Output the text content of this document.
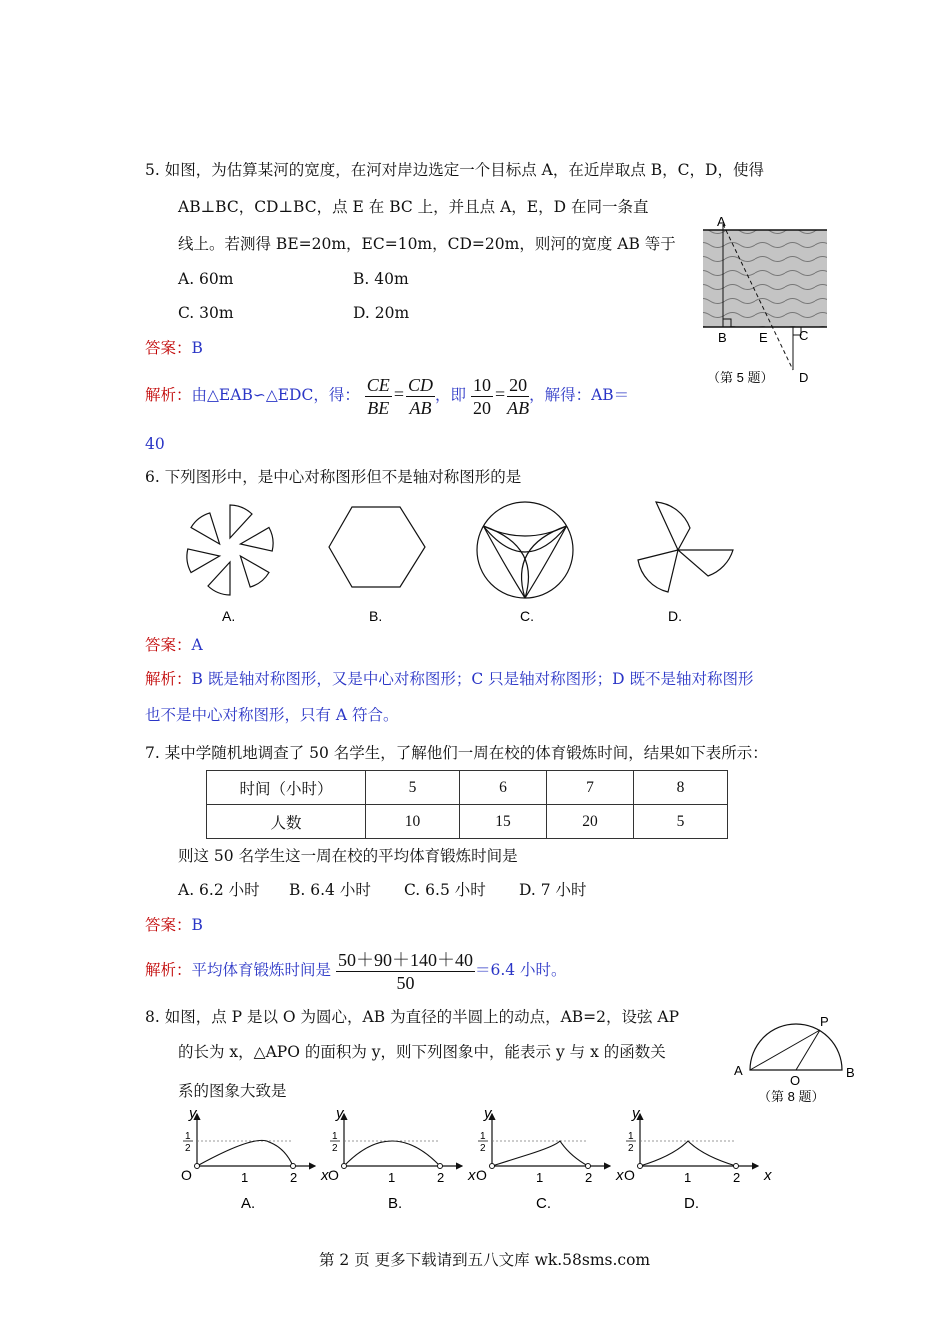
5. 如图，为估算某河的宽度，在河对岸边选定一个目标点 A，在近岸取点 B，C，D，使得
AB⊥BC，CD⊥BC，点 E 在 BC 上，并且点 A，E，D 在同一条直
线上。若测得 BE=20m，EC=10m，CD=20m，则河的宽度 AB 等于
A. 60m	B. 40m
C. 30m	D. 20m
答案：B
解析：由△EAB∽△EDC，得： $\frac{CE}{BE} = \frac{CD}{AB}$ ，即 $\frac{10}{20} = \frac{20}{AB}$ ，解得：AB＝
40
A
B E C
D
（第 5 题）
6. 下列图形中，是中心对称图形但不是轴对称图形的是
A.	B.	C.	D.
答案：A
解析：B 既是轴对称图形，又是中心对称图形；C 只是轴对称图形；D 既不是轴对称图形
也不是中心对称图形，只有 A 符合。
7. 某中学随机地调查了 50 名学生，了解他们一周在校的体育锻炼时间，结果如下表所示：
时间（小时）	5	6	7	8
人数	10	15	20	5
则这 50 名学生这一周在校的平均体育锻炼时间是
A. 6.2 小时 B. 6.4 小时 C. 6.5 小时 D. 7 小时
答案：B
解析：平均体育锻炼时间是 $\frac{50+90+140+40}{50} =6.4$ 小时。
8. 如图，点 P 是以 O 为圆心，AB 为直径的半圆上的动点，AB=2，设弦 AP
的长为 x，△APO 的面积为 y，则下列图象中，能表示 y 与 x 的函数关
系的图象大致是
P
A
O
B
（第 8 题）
y
x
O	1	2
1
2
A.
y
x
O	1	2
1
2
B.
y
x
O	1	2
1
2
C.
y
x
O	1	2
1
2
D.
第 2 页 更多下载请到五八文库 wk.58sms.com
